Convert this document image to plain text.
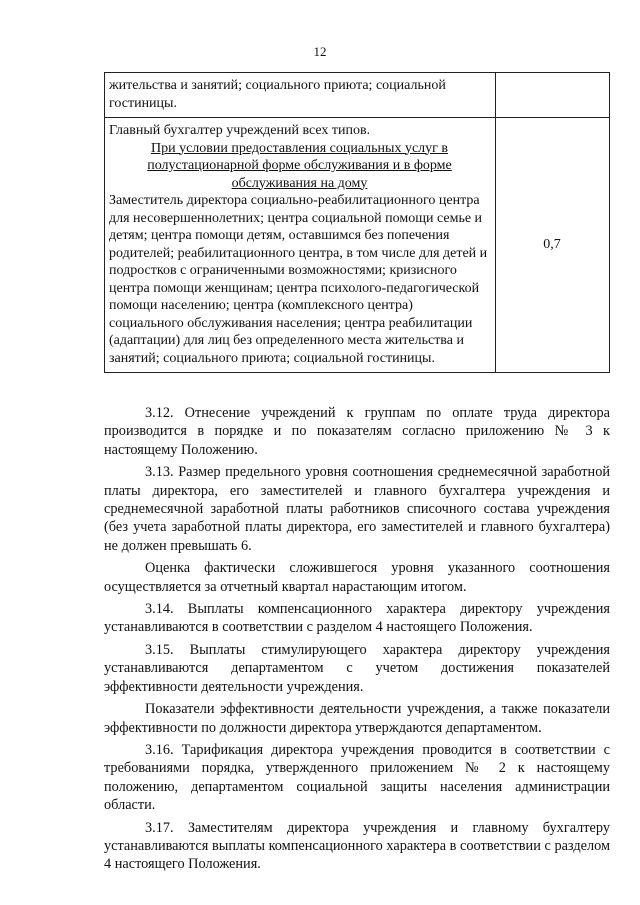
12
жительства и занятий; социального приюта; социальной гостиницы.	

Главный бухгалтер учреждений всех типов.
При условии предоставления социальных услуг в полустационарной форме обслуживания и в форме обслуживания на дому
Заместитель директора социально-реабилитационного центра для несовершеннолетних; центра социальной помощи семье и детям; центра помощи детям, оставшимся без попечения родителей; реабилитационного центра, в том числе для детей и подростков с ограниченными возможностями; кризисного центра помощи женщинам; центра психолого-педагогической помощи населению; центра (комплексного центра) социального обслуживания населения; центра реабилитации (адаптации) для лиц без определенного места жительства и занятий; социального приюта; социальной гостиницы.	0,7

3.12. Отнесение учреждений к группам по оплате труда директора производится в порядке и по показателям согласно приложению № 3 к настоящему Положению.

3.13. Размер предельного уровня соотношения среднемесячной заработной платы директора, его заместителей и главного бухгалтера учреждения и среднемесячной заработной платы работников списочного состава учреждения (без учета заработной платы директора, его заместителей и главного бухгалтера) не должен превышать 6.

Оценка фактически сложившегося уровня указанного соотношения осуществляется за отчетный квартал нарастающим итогом.

3.14. Выплаты компенсационного характера директору учреждения устанавливаются в соответствии с разделом 4 настоящего Положения.

3.15. Выплаты стимулирующего характера директору учреждения устанавливаются департаментом с учетом достижения показателей эффективности деятельности учреждения.

Показатели эффективности деятельности учреждения, а также показатели эффективности по должности директора утверждаются департаментом.

3.16. Тарификация директора учреждения проводится в соответствии с требованиями порядка, утвержденного приложением № 2 к настоящему положению, департаментом социальной защиты населения администрации области.

3.17. Заместителям директора учреждения и главному бухгалтеру устанавливаются выплаты компенсационного характера в соответствии с разделом 4 настоящего Положения.
